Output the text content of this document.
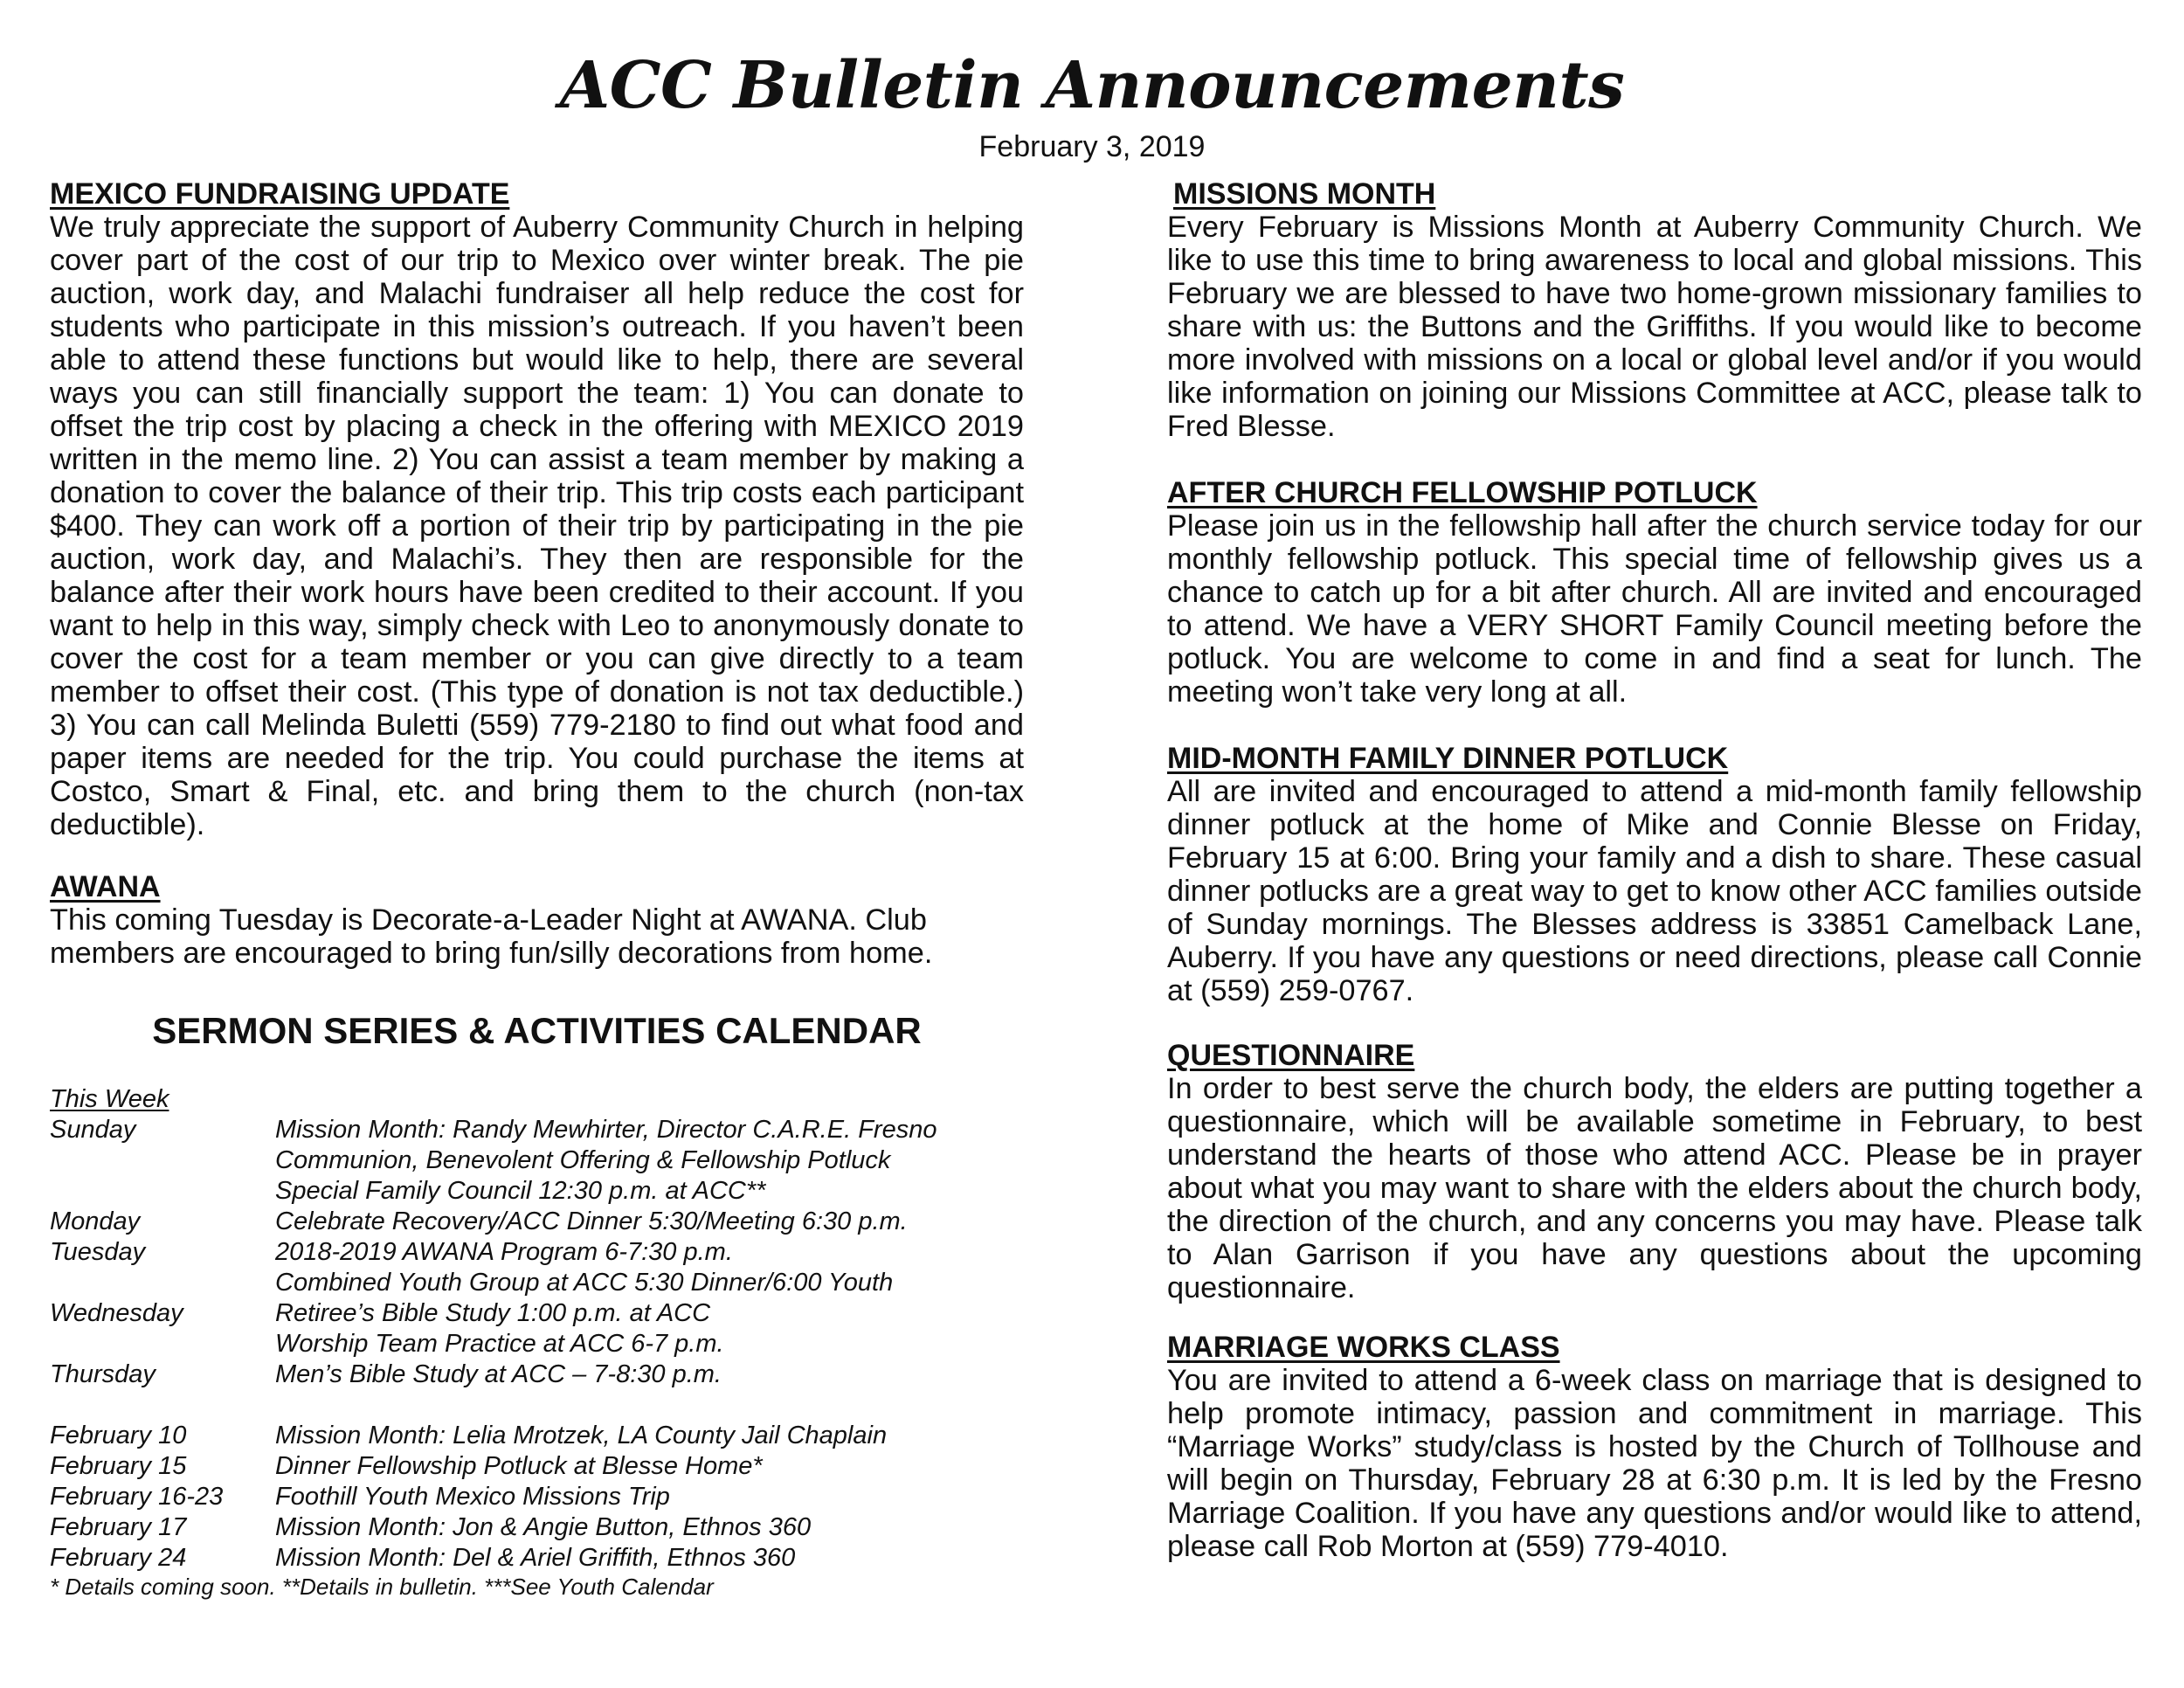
ACC Bulletin Announcements
February 3, 2019
MEXICO FUNDRAISING UPDATE

We truly appreciate the support of Auberry Community Church in helping cover part of the cost of our trip to Mexico over winter break. The pie auction, work day, and Malachi fundraiser all help reduce the cost for students who participate in this mission’s outreach. If you haven’t been able to attend these functions but would like to help, there are several ways you can still financially support the team: 1) You can donate to offset the trip cost by placing a check in the offering with MEXICO 2019 written in the memo line. 2) You can assist a team member by making a donation to cover the balance of their trip. This trip costs each participant $400. They can work off a portion of their trip by participating in the pie auction, work day, and Malachi’s. They then are responsible for the balance after their work hours have been credited to their account. If you want to help in this way, simply check with Leo to anonymously donate to cover the cost for a team member or you can give directly to a team member to offset their cost. (This type of donation is not tax deductible.) 3) You can call Melinda Buletti (559) 779-2180 to find out what food and paper items are needed for the trip. You could purchase the items at Costco, Smart & Final, etc. and bring them to the church (non-tax deductible).

AWANA

This coming Tuesday is Decorate-a-Leader Night at AWANA. Club members are encouraged to bring fun/silly decorations from home.

SERMON SERIES & ACTIVITIES CALENDAR
This Week
Sunday	Mission Month: Randy Mewhirter, Director C.A.R.E. Fresno
Communion, Benevolent Offering & Fellowship Potluck
Special Family Council 12:30 p.m. at ACC**
Monday	Celebrate Recovery/ACC Dinner 5:30/Meeting 6:30 p.m.
Tuesday	2018-2019 AWANA Program 6-7:30 p.m.
Combined Youth Group at ACC 5:30 Dinner/6:00 Youth
Wednesday	Retiree’s Bible Study 1:00 p.m. at ACC
Worship Team Practice at ACC 6-7 p.m.
Thursday	Men’s Bible Study at ACC – 7-8:30 p.m.
February 10	Mission Month: Lelia Mrotzek, LA County Jail Chaplain
February 15	Dinner Fellowship Potluck at Blesse Home*
February 16-23	Foothill Youth Mexico Missions Trip
February 17	Mission Month: Jon & Angie Button, Ethnos 360
February 24	Mission Month: Del & Ariel Griffith, Ethnos 360
* Details coming soon. **Details in bulletin. ***See Youth Calendar
MISSIONS MONTH

Every February is Missions Month at Auberry Community Church. We like to use this time to bring awareness to local and global missions. This February we are blessed to have two home-grown missionary families to share with us: the Buttons and the Griffiths. If you would like to become more involved with missions on a local or global level and/or if you would like information on joining our Missions Committee at ACC, please talk to Fred Blesse.

AFTER CHURCH FELLOWSHIP POTLUCK

Please join us in the fellowship hall after the church service today for our monthly fellowship potluck. This special time of fellowship gives us a chance to catch up for a bit after church. All are invited and encouraged to attend. We have a VERY SHORT Family Council meeting before the potluck. You are welcome to come in and find a seat for lunch. The meeting won’t take very long at all.

MID-MONTH FAMILY DINNER POTLUCK

All are invited and encouraged to attend a mid-month family fellowship dinner potluck at the home of Mike and Connie Blesse on Friday, February 15 at 6:00. Bring your family and a dish to share. These casual dinner potlucks are a great way to get to know other ACC families outside of Sunday mornings. The Blesses address is 33851 Camelback Lane, Auberry. If you have any questions or need directions, please call Connie at (559) 259-0767.

QUESTIONNAIRE

In order to best serve the church body, the elders are putting together a questionnaire, which will be available sometime in February, to best understand the hearts of those who attend ACC. Please be in prayer about what you may want to share with the elders about the church body, the direction of the church, and any concerns you may have. Please talk to Alan Garrison if you have any questions about the upcoming questionnaire.

MARRIAGE WORKS CLASS

You are invited to attend a 6-week class on marriage that is designed to help promote intimacy, passion and commitment in marriage. This “Marriage Works” study/class is hosted by the Church of Tollhouse and will begin on Thursday, February 28 at 6:30 p.m. It is led by the Fresno Marriage Coalition. If you have any questions and/or would like to attend, please call Rob Morton at (559) 779-4010.
